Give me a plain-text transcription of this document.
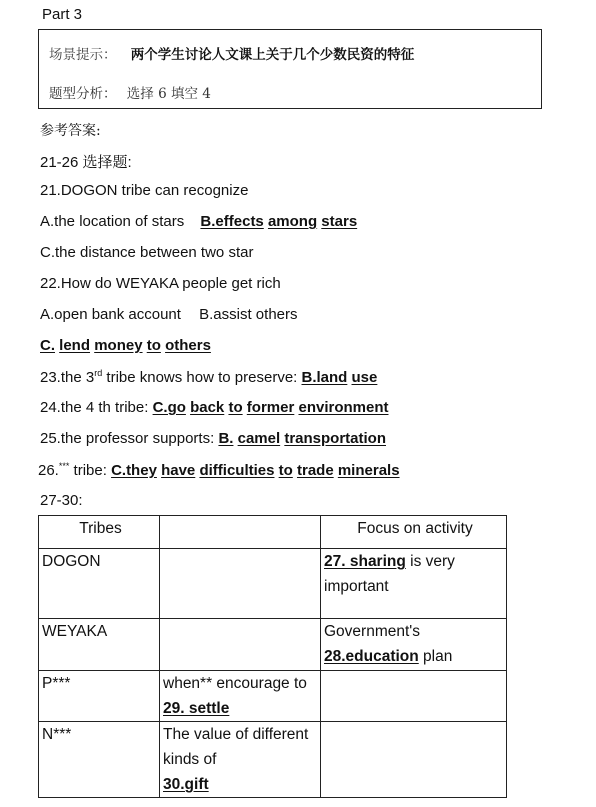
Part 3
场景提示： 两个学生讨论人文课上关于几个少数民资的特征
题型分析： 选择 6 填空 4
参考答案:
21-26 选择题:
21.DOGON tribe can recognize
A.the location of stars B.effects among stars
C.the distance between two star
22.How do WEYAKA people get rich
A.open bank account B.assist others
C. lend money to others
23.the 3rd tribe knows how to preserve: B.land use
24.the 4 th tribe: C.go back to former environment
25.the professor supports: B. camel transportation
26.*** tribe: C.they have difficulties to trade minerals
27-30:
Tribes		Focus on activity
DOGON		27. sharing is very important
WEYAKA		Government's
28.education plan
P***	when** encourage to 29. settle	
N***	The value of different kinds of
30.gift	
